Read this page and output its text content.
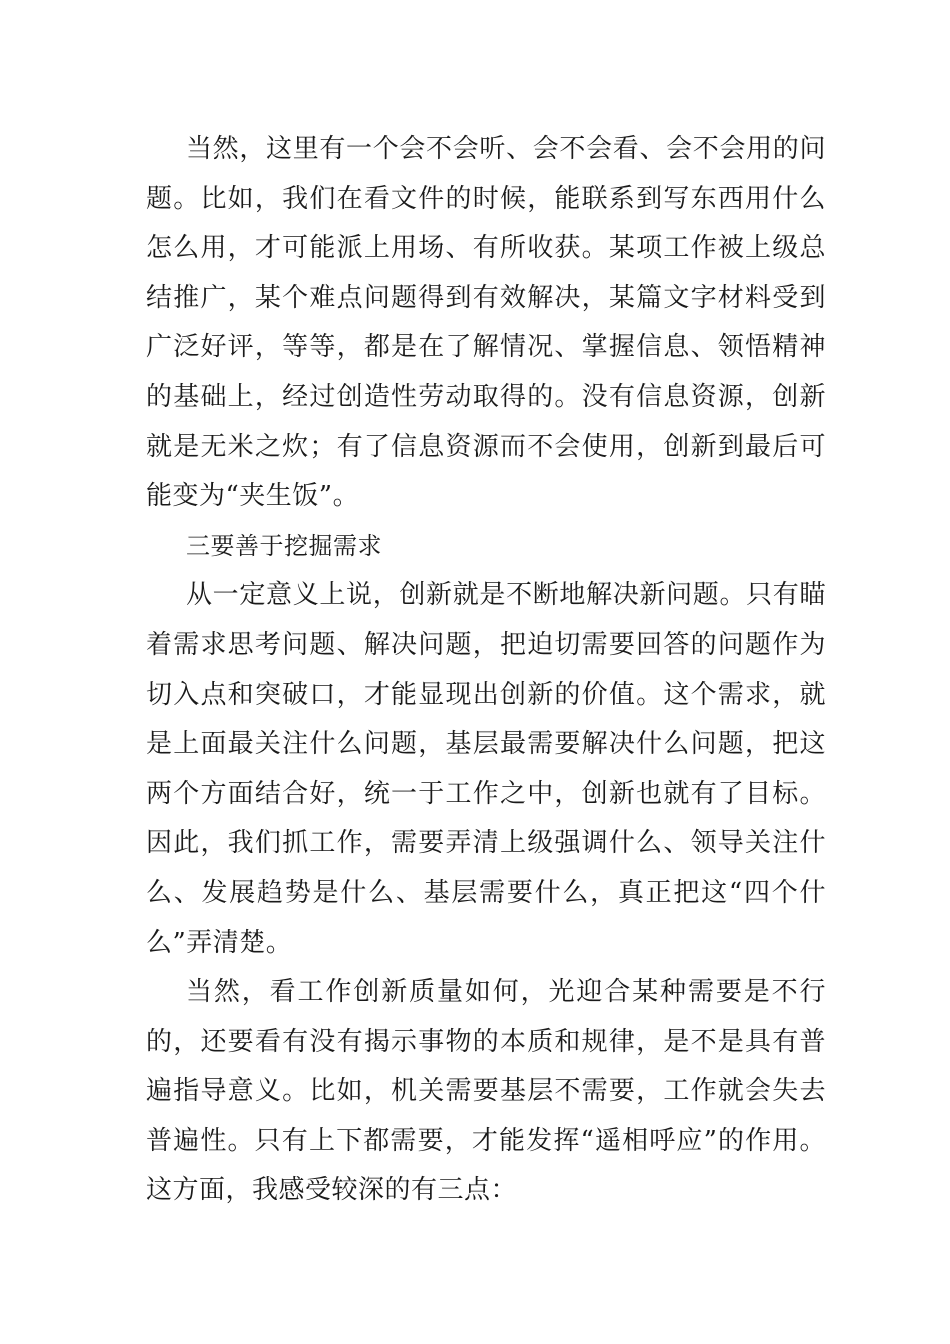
当然，这里有一个会不会听、会不会看、会不会用的问题。比如，我们在看文件的时候，能联系到写东西用什么怎么用，才可能派上用场、有所收获。某项工作被上级总结推广，某个难点问题得到有效解决，某篇文字材料受到广泛好评，等等，都是在了解情况、掌握信息、领悟精神的基础上，经过创造性劳动取得的。没有信息资源，创新就是无米之炊；有了信息资源而不会使用，创新到最后可能变为“夹生饭”。

三要善于挖掘需求

从一定意义上说，创新就是不断地解决新问题。只有瞄着需求思考问题、解决问题，把迫切需要回答的问题作为切入点和突破口，才能显现出创新的价值。这个需求，就是上面最关注什么问题，基层最需要解决什么问题，把这两个方面结合好，统一于工作之中，创新也就有了目标。因此，我们抓工作，需要弄清上级强调什么、领导关注什么、发展趋势是什么、基层需要什么，真正把这“四个什么”弄清楚。

当然，看工作创新质量如何，光迎合某种需要是不行的，还要看有没有揭示事物的本质和规律，是不是具有普遍指导意义。比如，机关需要基层不需要，工作就会失去普遍性。只有上下都需要，才能发挥“遥相呼应”的作用。这方面，我感受较深的有三点：
